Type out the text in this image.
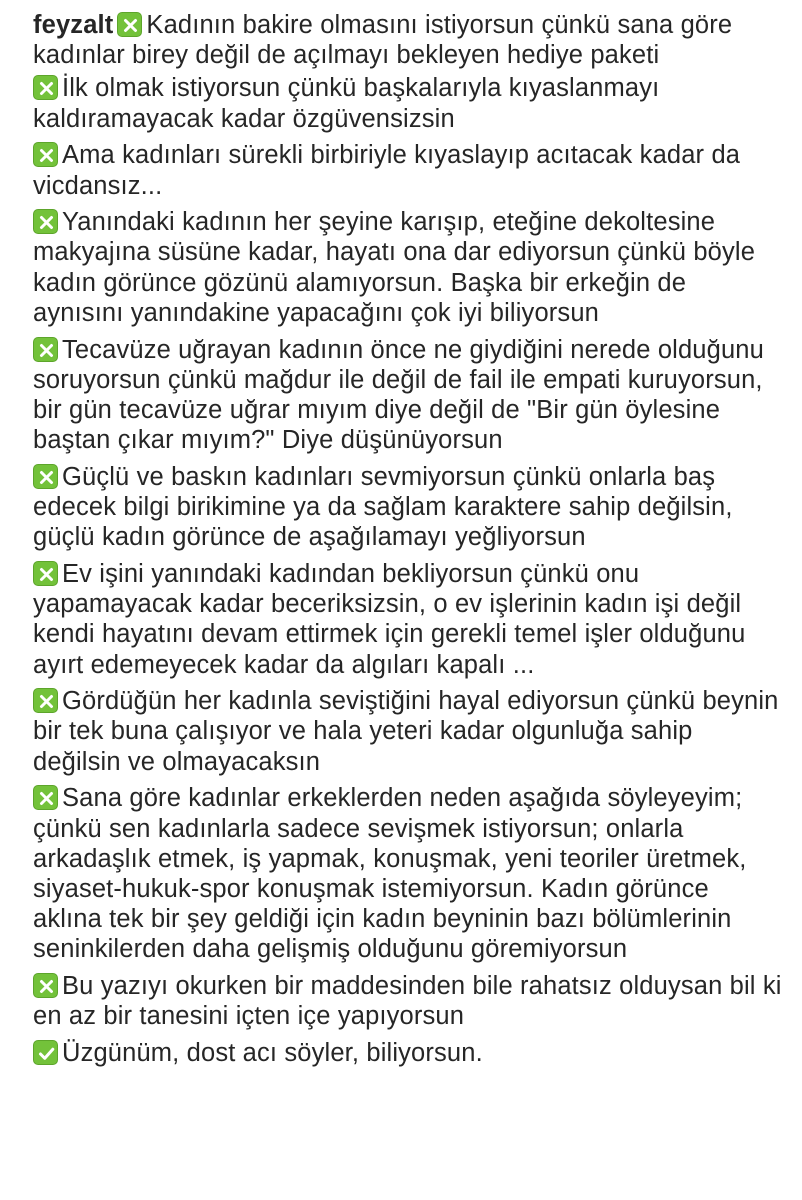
feyzalt Kadının bakire olmasını istiyorsun çünkü sana göre kadınlar birey değil de açılmayı bekleyen hediye paketi

İlk olmak istiyorsun çünkü başkalarıyla kıyaslanmayı kaldıramayacak kadar özgüvensizsin

Ama kadınları sürekli birbiriyle kıyaslayıp acıtacak kadar da vicdansız...

Yanındaki kadının her şeyine karışıp, eteğine dekoltesine makyajına süsüne kadar, hayatı ona dar ediyorsun çünkü böyle kadın görünce gözünü alamıyorsun. Başka bir erkeğin de aynısını yanındakine yapacağını çok iyi biliyorsun

Tecavüze uğrayan kadının önce ne giydiğini nerede olduğunu soruyorsun çünkü mağdur ile değil de fail ile empati kuruyorsun, bir gün tecavüze uğrar mıyım diye değil de "Bir gün öylesine baştan çıkar mıyım?" Diye düşünüyorsun

Güçlü ve baskın kadınları sevmiyorsun çünkü onlarla baş edecek bilgi birikimine ya da sağlam karaktere sahip değilsin, güçlü kadın görünce de aşağılamayı yeğliyorsun

Ev işini yanındaki kadından bekliyorsun çünkü onu yapamayacak kadar beceriksizsin, o ev işlerinin kadın işi değil kendi hayatını devam ettirmek için gerekli temel işler olduğunu ayırt edemeyecek kadar da algıları kapalı ...

Gördüğün her kadınla seviştiğini hayal ediyorsun çünkü beynin bir tek buna çalışıyor ve hala yeteri kadar olgunluğa sahip değilsin ve olmayacaksın

Sana göre kadınlar erkeklerden neden aşağıda söyleyeyim; çünkü sen kadınlarla sadece sevişmek istiyorsun; onlarla arkadaşlık etmek, iş yapmak, konuşmak, yeni teoriler üretmek, siyaset-hukuk-spor konuşmak istemiyorsun. Kadın görünce aklına tek bir şey geldiği için kadın beyninin bazı bölümlerinin seninkilerden daha gelişmiş olduğunu göremiyorsun

Bu yazıyı okurken bir maddesinden bile rahatsız olduysan bil ki en az bir tanesini içten içe yapıyorsun

Üzgünüm, dost acı söyler, biliyorsun.
